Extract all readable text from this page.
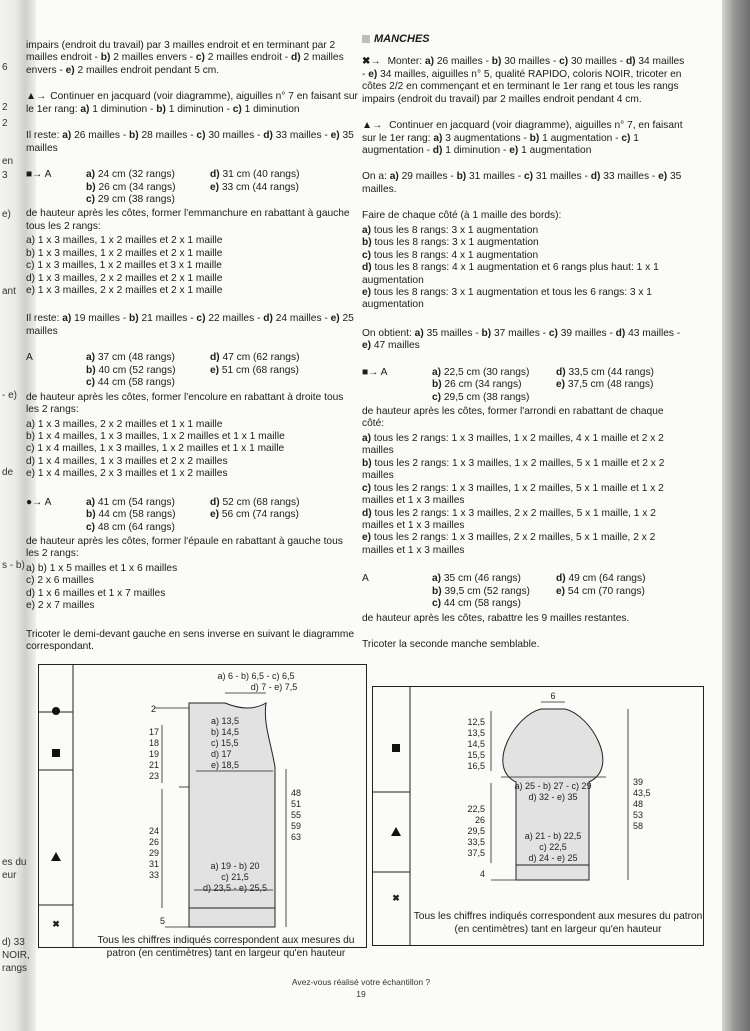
6
2
2
en
3
e)
ant
- e)
de
s - b)
es du
eur
d) 33
NOIR,
rangs

impairs (endroit du travail) par 3 mailles endroit et en terminant par 2 mailles endroit - b) 2 mailles envers - c) 2 mailles endroit - d) 2 mailles envers - e) 2 mailles endroit pendant 5 cm.

▲→ Continuer en jacquard (voir diagramme), aiguilles n° 7 en faisant sur le 1er rang: a) 1 diminution - b) 1 diminution - c) 1 diminution

Il reste: a) 26 mailles - b) 28 mailles - c) 30 mailles - d) 33 mailles - e) 35 mailles

■→ A	a) 24 cm (32 rangs)	d) 31 cm (40 rangs)
b) 26 cm (34 rangs)	e) 33 cm (44 rangs)
c) 29 cm (38 rangs)
de hauteur après les côtes, former l'emmanchure en rabattant à gauche tous les 2 rangs:
a) 1 x 3 mailles, 1 x 2 mailles et 2 x 1 maille
b) 1 x 3 mailles, 1 x 2 mailles et 2 x 1 maille
c) 1 x 3 mailles, 1 x 2 mailles et 3 x 1 maille
d) 1 x 3 mailles, 2 x 2 mailles et 2 x 1 maille
e) 1 x 3 mailles, 2 x 2 mailles et 2 x 1 maille

Il reste: a) 19 mailles - b) 21 mailles - c) 22 mailles - d) 24 mailles - e) 25 mailles

A	a) 37 cm (48 rangs)	d) 47 cm (62 rangs)
b) 40 cm (52 rangs)	e) 51 cm (68 rangs)
c) 44 cm (58 rangs)
de hauteur après les côtes, former l'encolure en rabattant à droite tous les 2 rangs:
a) 1 x 3 mailles, 2 x 2 mailles et 1 x 1 maille
b) 1 x 4 mailles, 1 x 3 mailles, 1 x 2 mailles et 1 x 1 maille
c) 1 x 4 mailles, 1 x 3 mailles, 1 x 2 mailles et 1 x 1 maille
d) 1 x 4 mailles, 1 x 3 mailles et 2 x 2 mailles
e) 1 x 4 mailles, 2 x 3 mailles et 1 x 2 mailles
●→ A	a) 41 cm (54 rangs)	d) 52 cm (68 rangs)
b) 44 cm (58 rangs)	e) 56 cm (74 rangs)
c) 48 cm (64 rangs)
de hauteur après les côtes, former l'épaule en rabattant à gauche tous les 2 rangs:
a) b) 1 x 5 mailles et 1 x 6 mailles
c) 2 x 6 mailles
d) 1 x 6 mailles et 1 x 7 mailles
e) 2 x 7 mailles
Tricoter le demi-devant gauche en sens inverse en suivant le diagramme correspondant.
MANCHES

✖→ Monter: a) 26 mailles - b) 30 mailles - c) 30 mailles - d) 34 mailles - e) 34 mailles, aiguilles n° 5, qualité RAPIDO, coloris NOIR, tricoter en côtes 2/2 en commençant et en terminant le 1er rang et tous les rangs impairs (endroit du travail) par 2 mailles endroit pendant 4 cm.

▲→ Continuer en jacquard (voir diagramme), aiguilles n° 7, en faisant sur le 1er rang: a) 3 augmentations - b) 1 augmentation - c) 1 augmentation - d) 1 diminution - e) 1 augmentation

On a: a) 29 mailles - b) 31 mailles - c) 31 mailles - d) 33 mailles - e) 35 mailles.

Faire de chaque côté (à 1 maille des bords):
a) tous les 8 rangs: 3 x 1 augmentation
b) tous les 8 rangs: 3 x 1 augmentation
c) tous les 8 rangs: 4 x 1 augmentation
d) tous les 8 rangs: 4 x 1 augmentation et 6 rangs plus haut: 1 x 1 augmentation
e) tous les 8 rangs: 3 x 1 augmentation et tous les 6 rangs: 3 x 1 augmentation

On obtient: a) 35 mailles - b) 37 mailles - c) 39 mailles - d) 43 mailles - e) 47 mailles

■→ A	a) 22,5 cm (30 rangs)	d) 33,5 cm (44 rangs)
b) 26 cm (34 rangs)	e) 37,5 cm (48 rangs)
c) 29,5 cm (38 rangs)
de hauteur après les côtes, former l'arrondi en rabattant de chaque côté:
a) tous les 2 rangs: 1 x 3 mailles, 1 x 2 mailles, 4 x 1 maille et 2 x 2 mailles
b) tous les 2 rangs: 1 x 3 mailles, 1 x 2 mailles, 5 x 1 maille et 2 x 2 mailles
c) tous les 2 rangs: 1 x 3 mailles, 1 x 2 mailles, 5 x 1 maille et 1 x 2 mailles et 1 x 3 mailles
d) tous les 2 rangs: 1 x 3 mailles, 2 x 2 mailles, 5 x 1 maille, 1 x 2 mailles et 1 x 3 mailles
e) tous les 2 rangs: 1 x 3 mailles, 2 x 2 mailles, 5 x 1 maille, 2 x 2 mailles et 1 x 3 mailles
A	a) 35 cm (46 rangs)	d) 49 cm (64 rangs)
b) 39,5 cm (52 rangs)	e) 54 cm (70 rangs)
c) 44 cm (58 rangs)

de hauteur après les côtes, rabattre les 9 mailles restantes.

Tricoter la seconde manche semblable.
✖
a) 6 - b) 6,5 - c) 6,5
d) 7 - e) 7,5
2
a) 13,5
b) 14,5
c) 15,5
d) 17
e) 18,5
17
18
19
21
23
48
51
55
59
63
24
26
29
31
33
a) 19 - b) 20
c) 21,5
d) 23,5 - e) 25,5
5
Tous les chiffres indiqués correspondent aux mesures du patron (en centimètres) tant en largeur qu'en hauteur
✖
6
12,5
13,5
14,5
15,5
16,5
a) 25 - b) 27 - c) 29
d) 32 - e) 35
39
43,5
48
53
58
22,5
26
29,5
33,5
37,5
a) 21 - b) 22,5
c) 22,5
d) 24 - e) 25
4
Tous les chiffres indiqués correspondent aux mesures du patron (en centimètres) tant en largeur qu'en hauteur
Avez-vous réalisé votre échantillon ?
19
